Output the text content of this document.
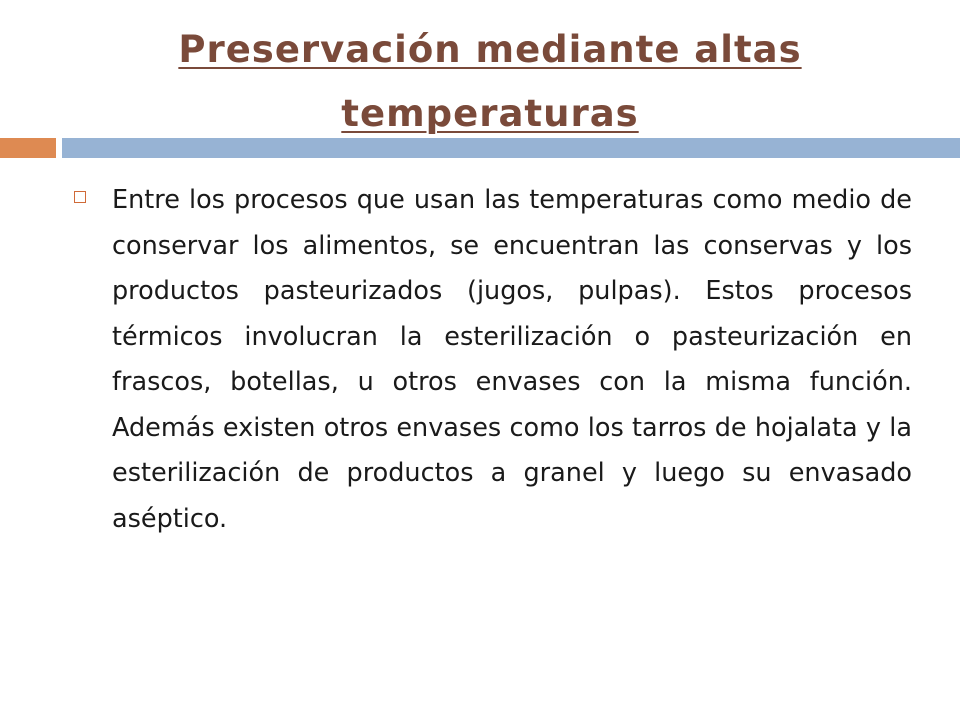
Preservación mediante altas
temperaturas

Entre los procesos que usan las temperaturas como medio de conservar los alimentos, se encuentran las conservas y los productos pasteurizados (jugos, pulpas). Estos procesos térmicos involucran la esterilización o pasteurización en frascos, botellas, u otros envases con la misma función. Además existen otros envases como los tarros de hojalata y la esterilización de productos a granel y luego su envasado aséptico.
